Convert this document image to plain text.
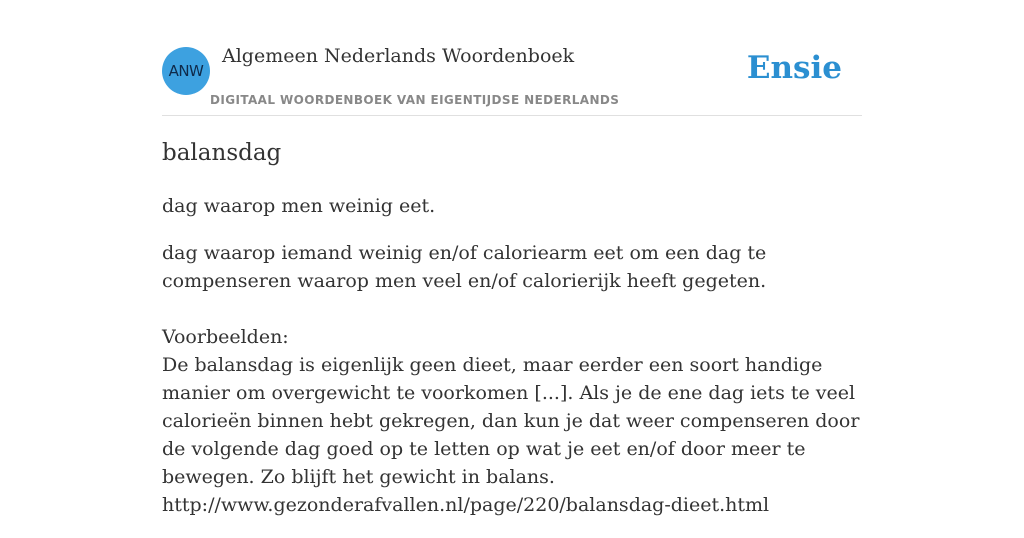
ANW
Algemeen Nederlands Woordenboek
DIGITAAL WOORDENBOEK VAN EIGENTIJDSE NEDERLANDS
Ensie
balansdag

dag waarop men weinig eet.

dag waarop iemand weinig en/of caloriearm eet om een dag te compenseren waarop men veel en/of calorierijk heeft gegeten.
Voorbeelden:
De balansdag is eigenlijk geen dieet, maar eerder een soort handige manier om overgewicht te voorkomen [...]. Als je de ene dag iets te veel calorieën binnen hebt gekregen, dan kun je dat weer compenseren door de volgende dag goed op te letten op wat je eet en/of door meer te bewegen. Zo blijft het gewicht in balans.
http://www.gezonderafvallen.nl/page/220/balansdag-dieet.html
